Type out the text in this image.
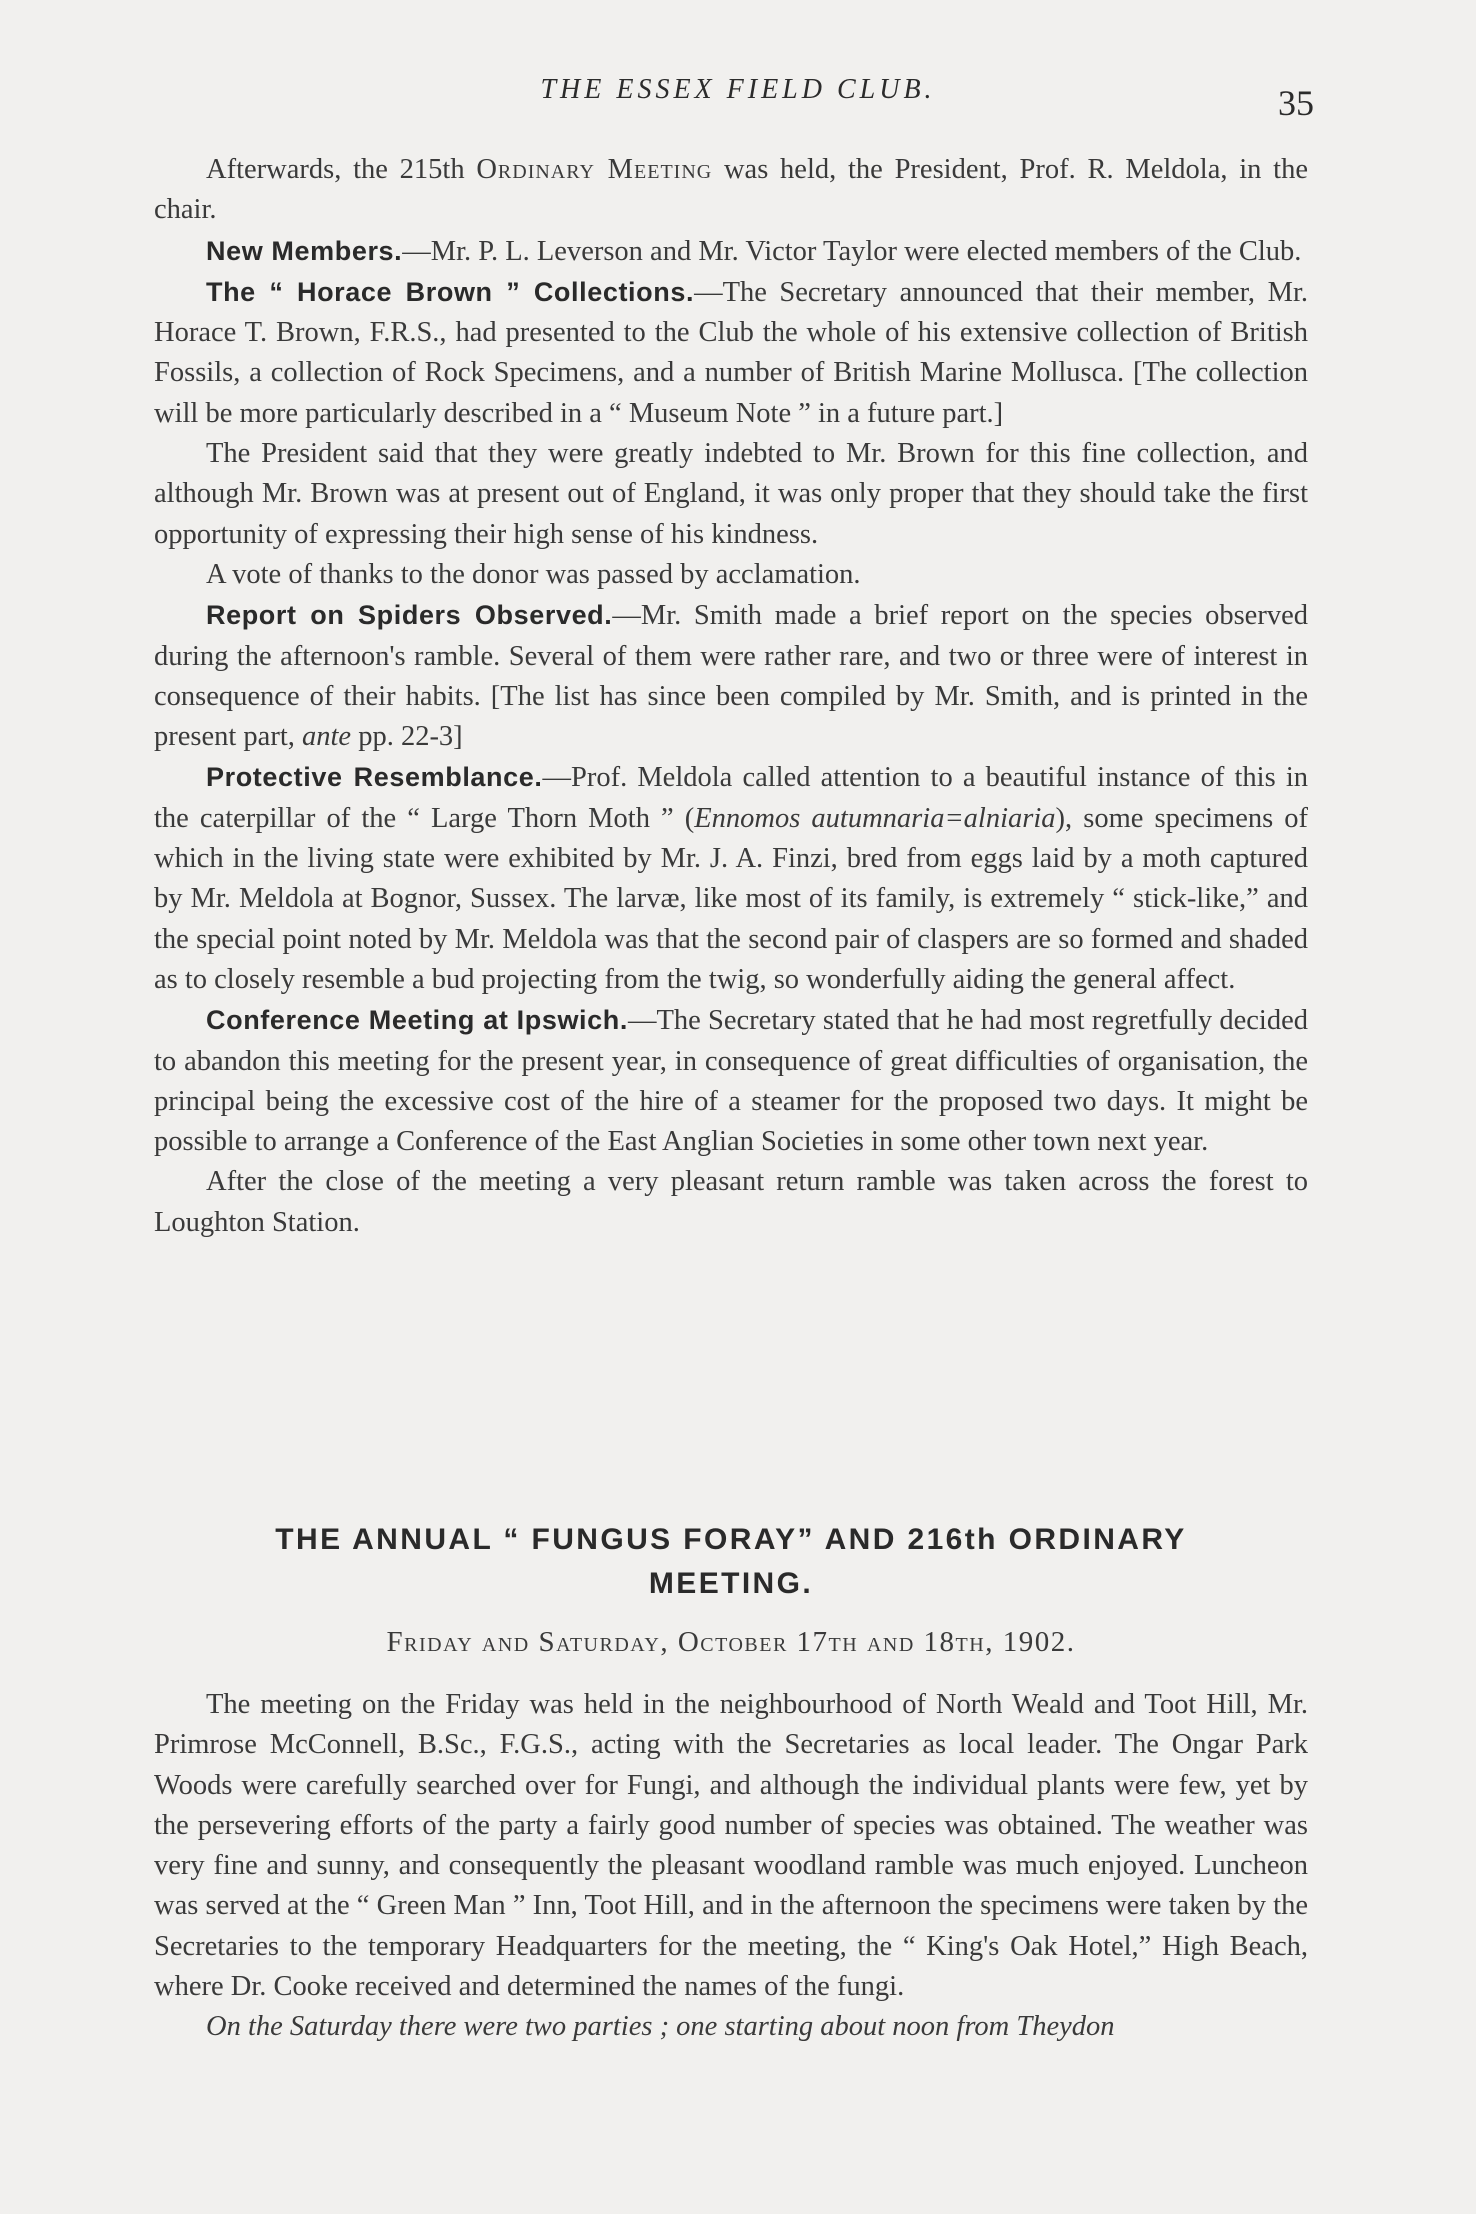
THE ESSEX FIELD CLUB.	35

Afterwards, the 215th Ordinary Meeting was held, the President, Prof. R. Meldola, in the chair.

New Members.—Mr. P. L. Leverson and Mr. Victor Taylor were elected members of the Club.

The “ Horace Brown ” Collections.—The Secretary announced that their member, Mr. Horace T. Brown, F.R.S., had presented to the Club the whole of his extensive collection of British Fossils, a collection of Rock Specimens, and a number of British Marine Mollusca. [The collection will be more particularly described in a “ Museum Note ” in a future part.]

The President said that they were greatly indebted to Mr. Brown for this fine collection, and although Mr. Brown was at present out of England, it was only proper that they should take the first opportunity of expressing their high sense of his kindness.

A vote of thanks to the donor was passed by acclamation.

Report on Spiders Observed.—Mr. Smith made a brief report on the species observed during the afternoon's ramble. Several of them were rather rare, and two or three were of interest in consequence of their habits. [The list has since been compiled by Mr. Smith, and is printed in the present part, ante pp. 22-3]

Protective Resemblance.—Prof. Meldola called attention to a beautiful instance of this in the caterpillar of the “ Large Thorn Moth ” (Ennomos autumnaria=alniaria), some specimens of which in the living state were exhibited by Mr. J. A. Finzi, bred from eggs laid by a moth captured by Mr. Meldola at Bognor, Sussex. The larvæ, like most of its family, is extremely “ stick-like,” and the special point noted by Mr. Meldola was that the second pair of claspers are so formed and shaded as to closely resemble a bud projecting from the twig, so wonderfully aiding the general affect.

Conference Meeting at Ipswich.—The Secretary stated that he had most regretfully decided to abandon this meeting for the present year, in consequence of great difficulties of organisation, the principal being the excessive cost of the hire of a steamer for the proposed two days. It might be possible to arrange a Conference of the East Anglian Societies in some other town next year.

After the close of the meeting a very pleasant return ramble was taken across the forest to Loughton Station.

THE ANNUAL “ FUNGUS FORAY” AND 216th ORDINARY
MEETING.
Friday and Saturday, October 17th and 18th, 1902.

The meeting on the Friday was held in the neighbourhood of North Weald and Toot Hill, Mr. Primrose McConnell, B.Sc., F.G.S., acting with the Secretaries as local leader. The Ongar Park Woods were carefully searched over for Fungi, and although the individual plants were few, yet by the persevering efforts of the party a fairly good number of species was obtained. The weather was very fine and sunny, and consequently the pleasant woodland ramble was much enjoyed. Luncheon was served at the “ Green Man ” Inn, Toot Hill, and in the afternoon the specimens were taken by the Secretaries to the temporary Headquarters for the meeting, the “ King's Oak Hotel,” High Beach, where Dr. Cooke received and determined the names of the fungi.

On the Saturday there were two parties ; one starting about noon from Theydon
